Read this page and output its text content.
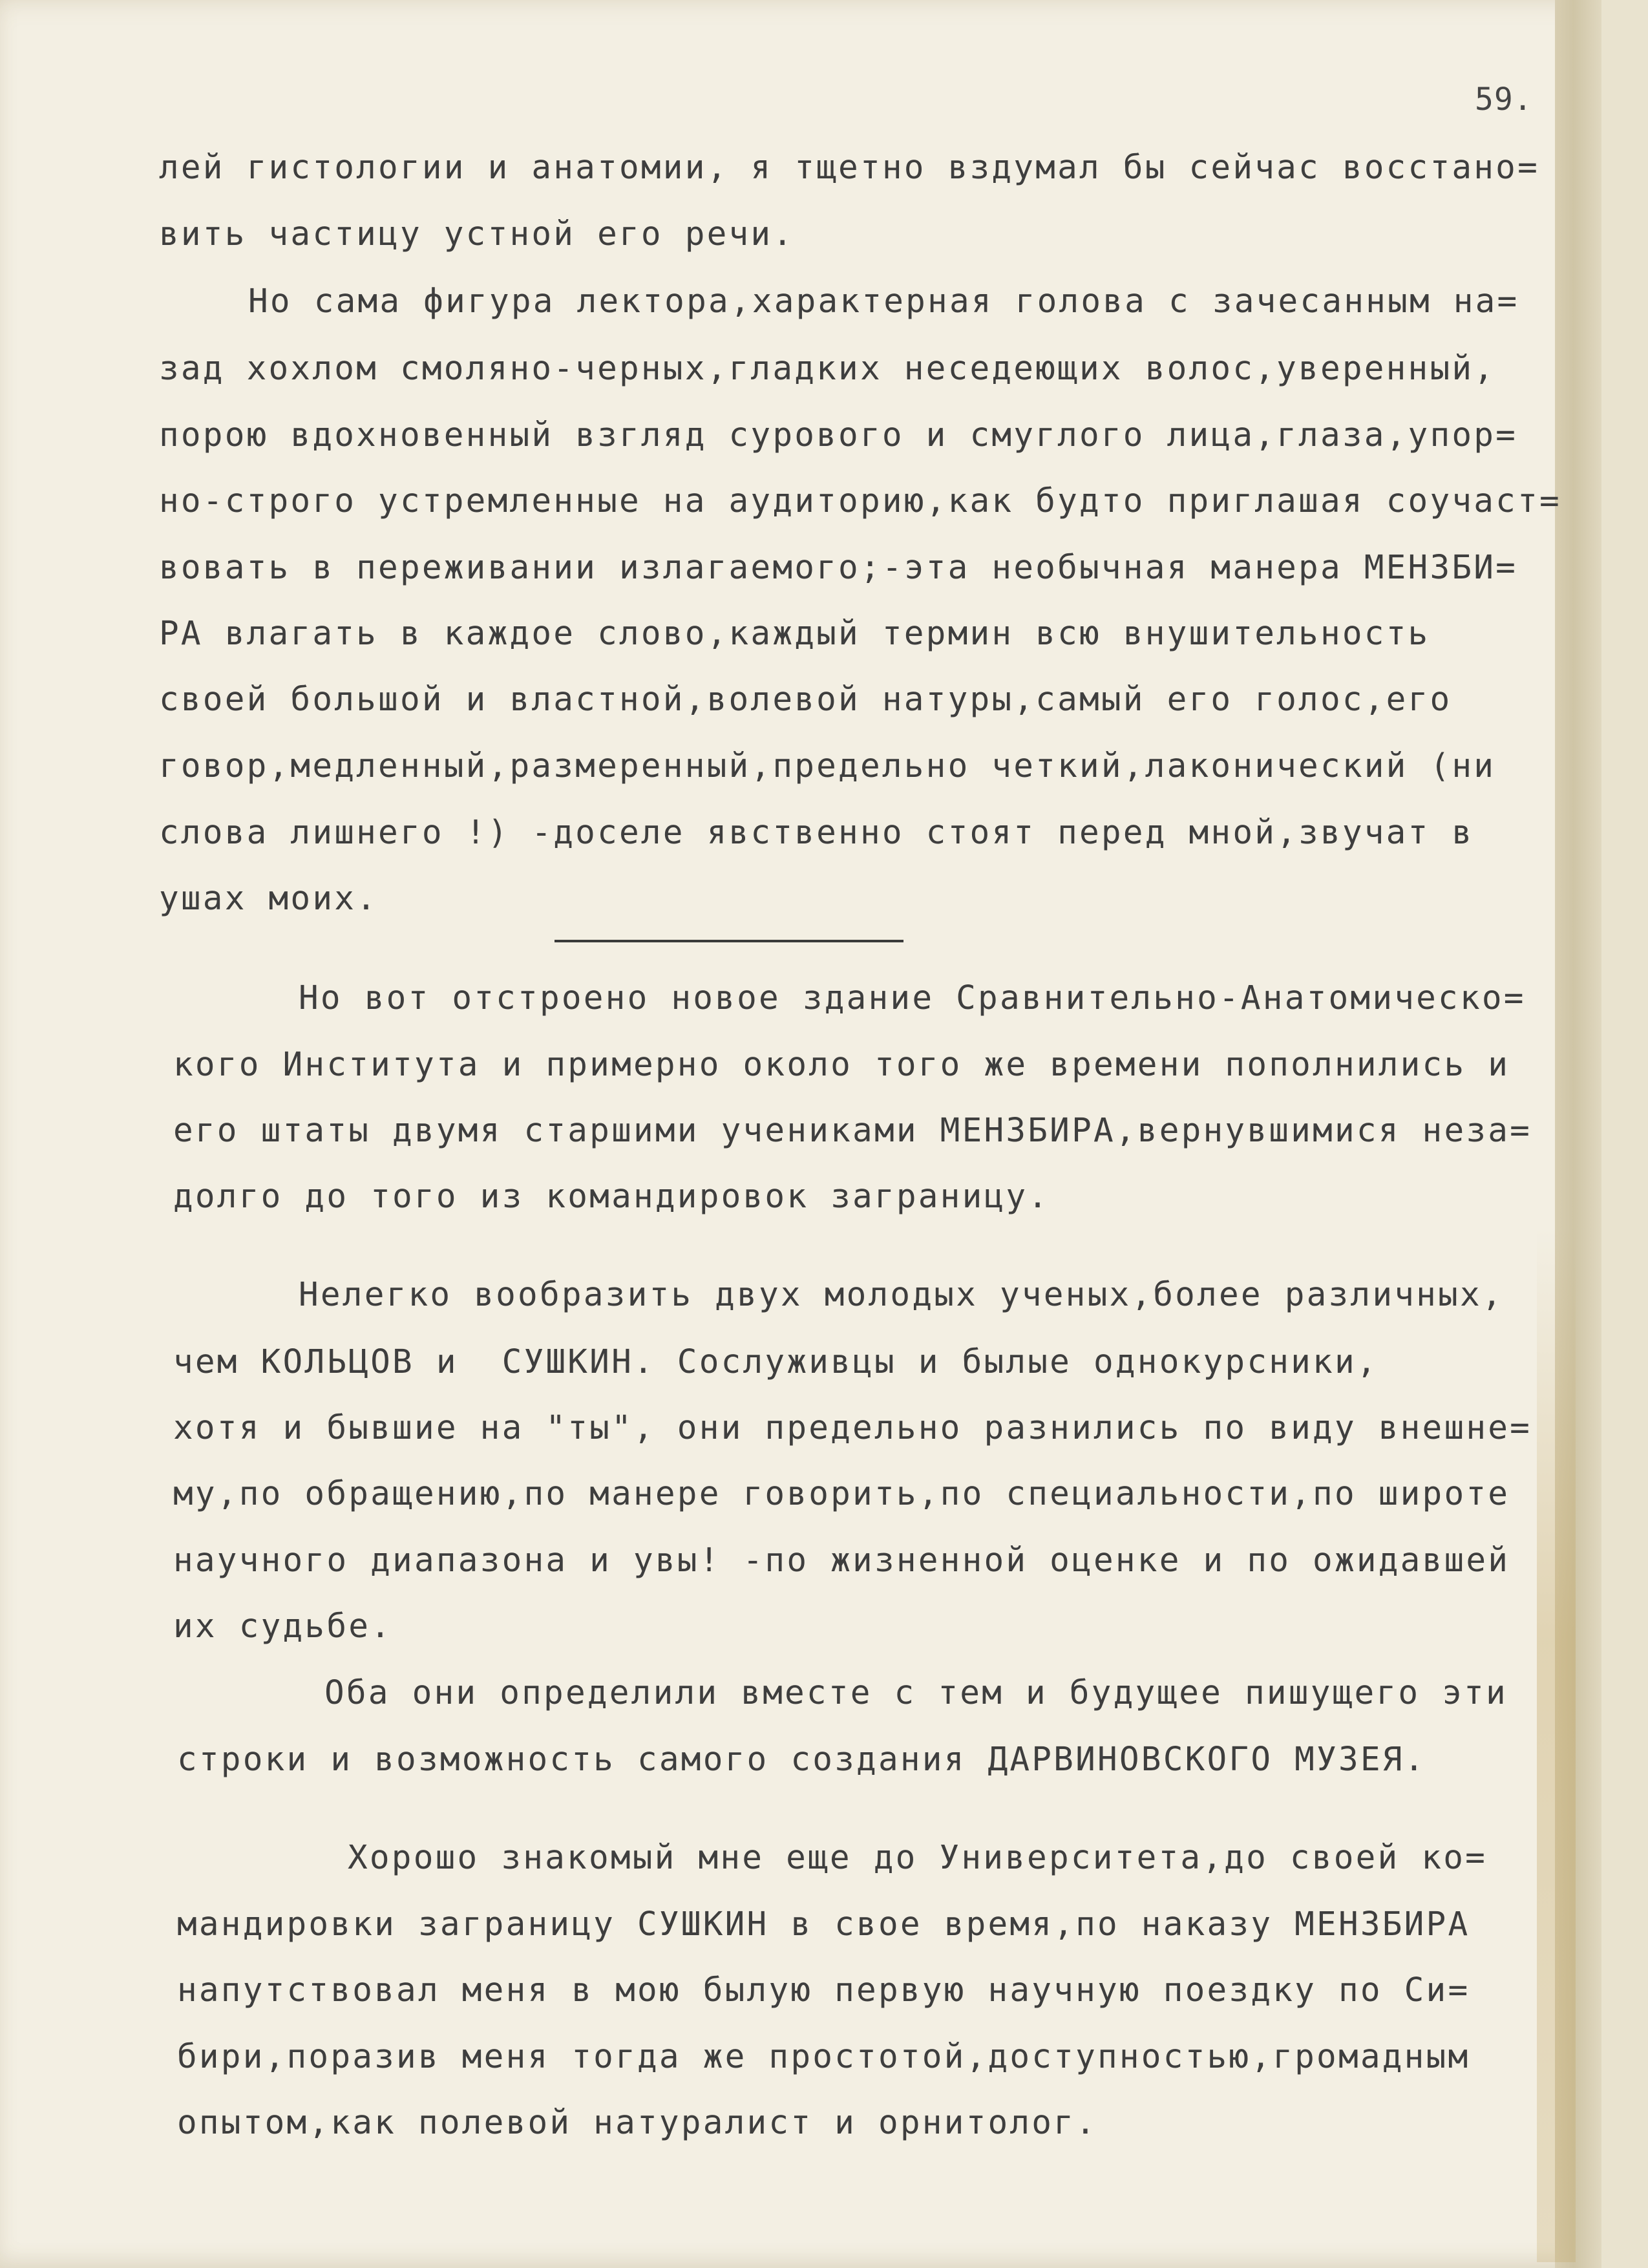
59.
лей гистологии и анатомии, я тщетно вздумал бы сейчас восстано=
вить частицу устной его речи.
Но сама фигура лектора,характерная голова с зачесанным на=
зад хохлом смоляно-черных,гладких неседеющих волос,уверенный,
порою вдохновенный взгляд сурового и смуглого лица,глаза,упор=
но-строго устремленные на аудиторию,как будто приглашая соучаст=
вовать в переживании излагаемого;-эта необычная манера МЕНЗБИ=
РА влагать в каждое слово,каждый термин всю внушительность
своей большой и властной,волевой натуры,самый его голос,его
говор,медленный,размеренный,предельно четкий,лаконический (ни
слова лишнего !) -доселе явственно стоят перед мной,звучат в
ушах моих.
Но вот отстроено новое здание Сравнительно-Анатомическо=
кого Института и примерно около того же времени пополнились и
его штаты двумя старшими учениками МЕНЗБИРА,вернувшимися неза=
долго до того из командировок заграницу.
Нелегко вообразить двух молодых ученых,более различных,
чем КОЛЬЦОВ и  СУШКИН. Сослуживцы и былые однокурсники,
хотя и бывшие на "ты", они предельно разнились по виду внешне=
му,по обращению,по манере говорить,по специальности,по широте
научного диапазона и увы! -по жизненной оценке и по ожидавшей
их судьбе.
Оба они определили вместе с тем и будущее пишущего эти
строки и возможность самого создания ДАРВИНОВСКОГО МУЗЕЯ.
Хорошо знакомый мне еще до Университета,до своей ко=
мандировки заграницу СУШКИН в свое время,по наказу МЕНЗБИРА
напутствовал меня в мою былую первую научную поездку по Си=
бири,поразив меня тогда же простотой,доступностью,громадным
опытом,как полевой натуралист и орнитолог.
